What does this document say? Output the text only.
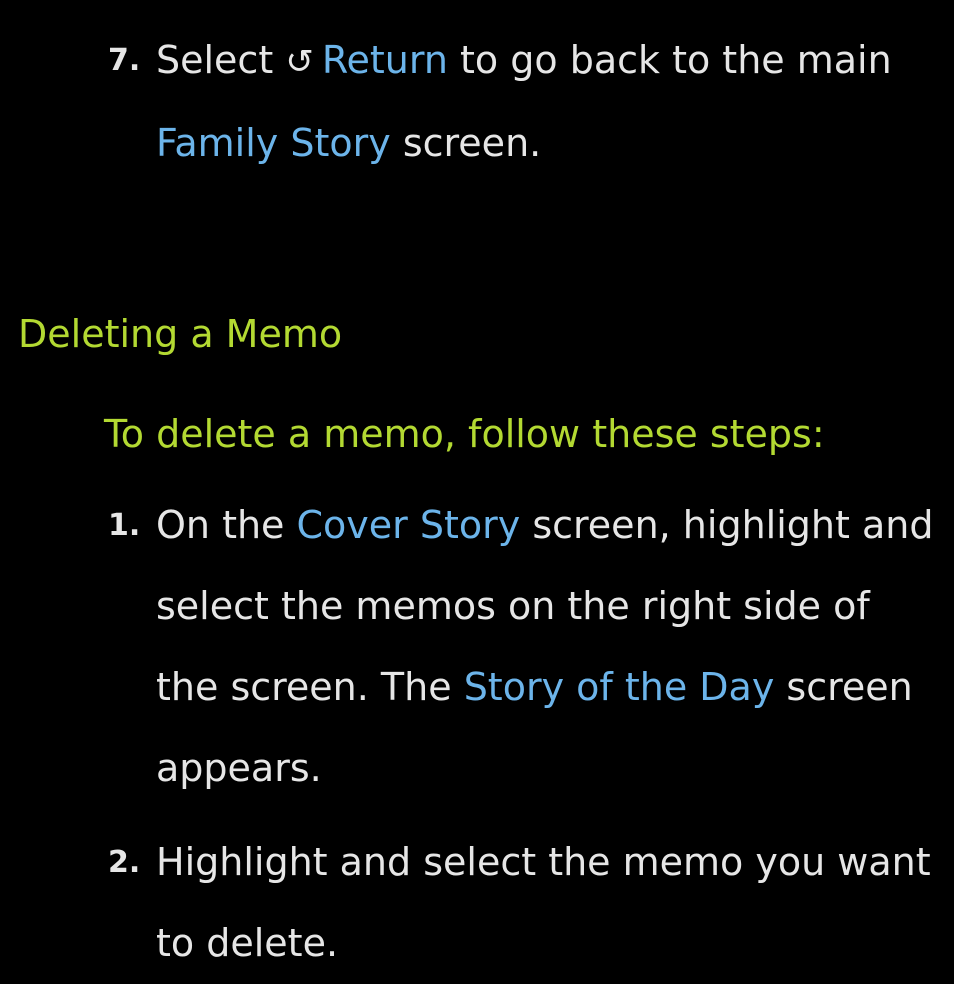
7. Select ↺ Return to go back to the main Family Story screen.
Deleting a Memo

To delete a memo, follow these steps:

1. On the Cover Story screen, highlight and select the memos on the right side of the screen. The Story of the Day screen appears.
2. Highlight and select the memo you want to delete.
